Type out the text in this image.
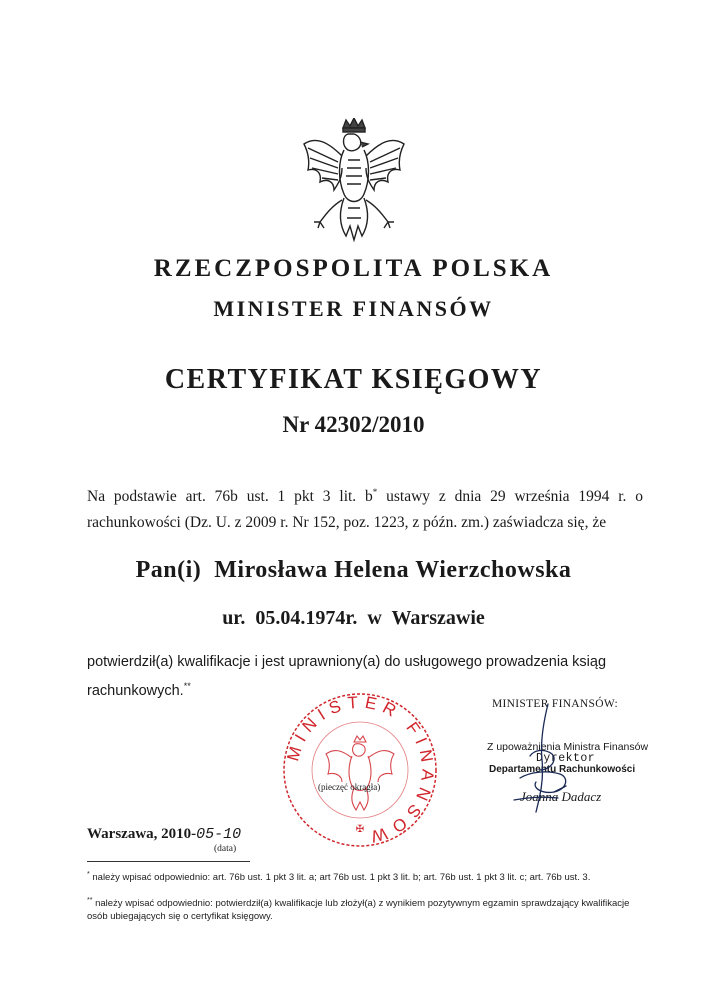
RZECZPOSPOLITA POLSKA
MINISTER FINANSÓW
CERTYFIKAT KSIĘGOWY
Nr 42302/2010
Na podstawie art. 76b ust. 1 pkt 3 lit. b* ustawy z dnia 29 września 1994 r. o rachunkowości (Dz. U. z 2009 r. Nr 152, poz. 1223, z późn. zm.) zaświadcza się, że
Pan(i)  Mirosława Helena Wierzchowska
ur.  05.04.1974r.  w  Warszawie
potwierdził(a) kwalifikacje i jest uprawniony(a) do usługowego prowadzenia ksiąg rachunkowych.**
MINISTER FINANSÓW
✠
(pieczęć okrągła)
MINISTER FINANSÓW:
Z upoważnienia Ministra Finansów
Dyrektor
Departamentu Rachunkowości
Joanna Dadacz
Warszawa, 2010-05-10
(data)
* należy wpisać odpowiednio: art. 76b ust. 1 pkt 3 lit. a; art 76b ust. 1 pkt 3 lit. b; art. 76b ust. 1 pkt 3 lit. c; art. 76b ust. 3.
** należy wpisać odpowiednio: potwierdził(a) kwalifikacje lub złożył(a) z wynikiem pozytywnym egzamin sprawdzający kwalifikacje osób ubiegających się o certyfikat księgowy.
